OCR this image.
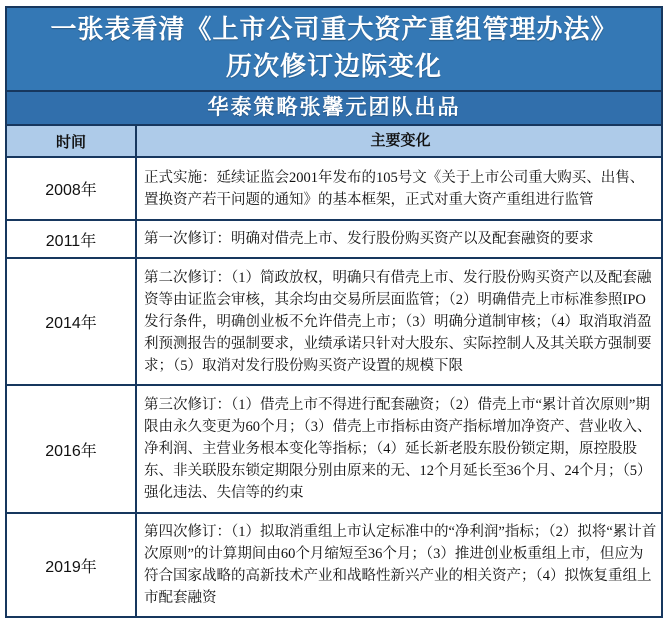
一张表看清《上市公司重大资产重组管理办法》
历次修订边际变化
华泰策略张馨元团队出品
时间	主要变化
2008年
正式实施：延续证监会2001年发布的105号文《关于上市公司重大购买、出售、置换资产若干问题的通知》的基本框架，正式对重大资产重组进行监管
2011年	第一次修订：明确对借壳上市、发行股份购买资产以及配套融资的要求
2014年
第二次修订：（1）简政放权，明确只有借壳上市、发行股份购买资产以及配套融资等由证监会审核，其余均由交易所层面监管；（2）明确借壳上市标准参照IPO发行条件，明确创业板不允许借壳上市；（3）明确分道制审核；（4）取消取消盈利预测报告的强制要求，业绩承诺只针对大股东、实际控制人及其关联方强制要求；（5）取消对发行股份购买资产设置的规模下限
2016年
第三次修订：（1）借壳上市不得进行配套融资；（2）借壳上市“累计首次原则”期限由永久变更为60个月；（3）借壳上市指标由资产指标增加净资产、营业收入、净利润、主营业务根本变化等指标；（4）延长新老股东股份锁定期，原控股股东、非关联股东锁定期限分别由原来的无、12个月延长至36个月、24个月；（5）强化违法、失信等的约束
2019年
第四次修订：（1）拟取消重组上市认定标准中的“净利润”指标；（2）拟将“累计首次原则”的计算期间由60个月缩短至36个月；（3）推进创业板重组上市，但应为符合国家战略的高新技术产业和战略性新兴产业的相关资产；（4）拟恢复重组上市配套融资
